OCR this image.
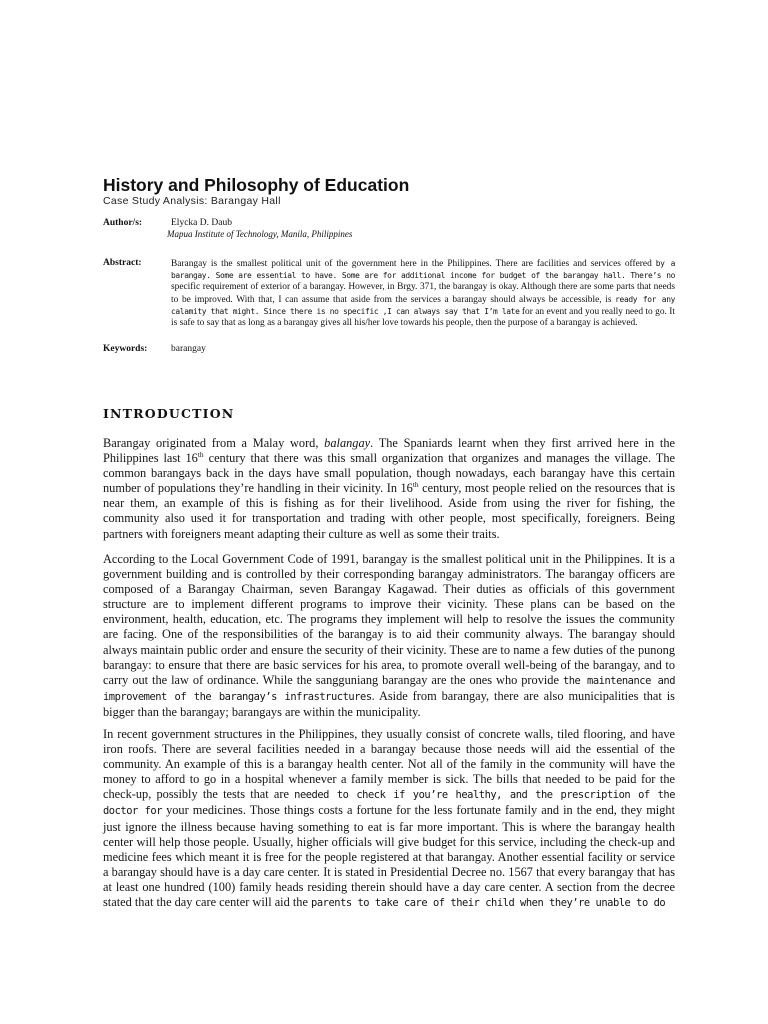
History and Philosophy of Education
Case Study Analysis: Barangay Hall
Author/s:	Elycka D. Daub
Mapua Institute of Technology, Manila, Philippines
Abstract:	Barangay is the smallest political unit of the government here in the Philippines. There are facilities and services offered by a barangay. Some are essential to have. Some are for additional income for budget of the barangay hall. There’s no specific requirement of exterior of a barangay. However, in Brgy. 371, the barangay is okay. Although there are some parts that needs to be improved. With that, I can assume that aside from the services a barangay should always be accessible, is ready for any calamity that might. Since there is no specific ,I can always say that I’m late for an event and you really need to go. It is safe to say that as long as a barangay gives all his/her love towards his people, then the purpose of a barangay is achieved.
Keywords: barangay
INTRODUCTION

Barangay originated from a Malay word, balangay. The Spaniards learnt when they first arrived here in the Philippines last 16th century that there was this small organization that organizes and manages the village. The common barangays back in the days have small population, though nowadays, each barangay have this certain number of populations they’re handling in their vicinity. In 16th century, most people relied on the resources that is near them, an example of this is fishing as for their livelihood. Aside from using the river for fishing, the community also used it for transportation and trading with other people, most specifically, foreigners. Being partners with foreigners meant adapting their culture as well as some their traits.

According to the Local Government Code of 1991, barangay is the smallest political unit in the Philippines. It is a government building and is controlled by their corresponding barangay administrators. The barangay officers are composed of a Barangay Chairman, seven Barangay Kagawad. Their duties as officials of this government structure are to implement different programs to improve their vicinity. These plans can be based on the environment, health, education, etc. The programs they implement will help to resolve the issues the community are facing. One of the responsibilities of the barangay is to aid their community always. The barangay should always maintain public order and ensure the security of their vicinity. These are to name a few duties of the punong barangay: to ensure that there are basic services for his area, to promote overall well-being of the barangay, and to carry out the law of ordinance. While the sangguniang barangay are the ones who provide the maintenance and improvement of the barangay’s infrastructures. Aside from barangay, there are also municipalities that is bigger than the barangay; barangays are within the municipality.

In recent government structures in the Philippines, they usually consist of concrete walls, tiled flooring, and have iron roofs. There are several facilities needed in a barangay because those needs will aid the essential of the community. An example of this is a barangay health center. Not all of the family in the community will have the money to afford to go in a hospital whenever a family member is sick. The bills that needed to be paid for the check-up, possibly the tests that are needed to check if you’re healthy, and the prescription of the doctor for your medicines. Those things costs a fortune for the less fortunate family and in the end, they might just ignore the illness because having something to eat is far more important. This is where the barangay health center will help those people. Usually, higher officials will give budget for this service, including the check-up and medicine fees which meant it is free for the people registered at that barangay. Another essential facility or service a barangay should have is a day care center. It is stated in Presidential Decree no. 1567 that every barangay that has at least one hundred (100) family heads residing therein should have a day care center. A section from the decree stated that the day care center will aid the parents to take care of their child when they’re unable to do
